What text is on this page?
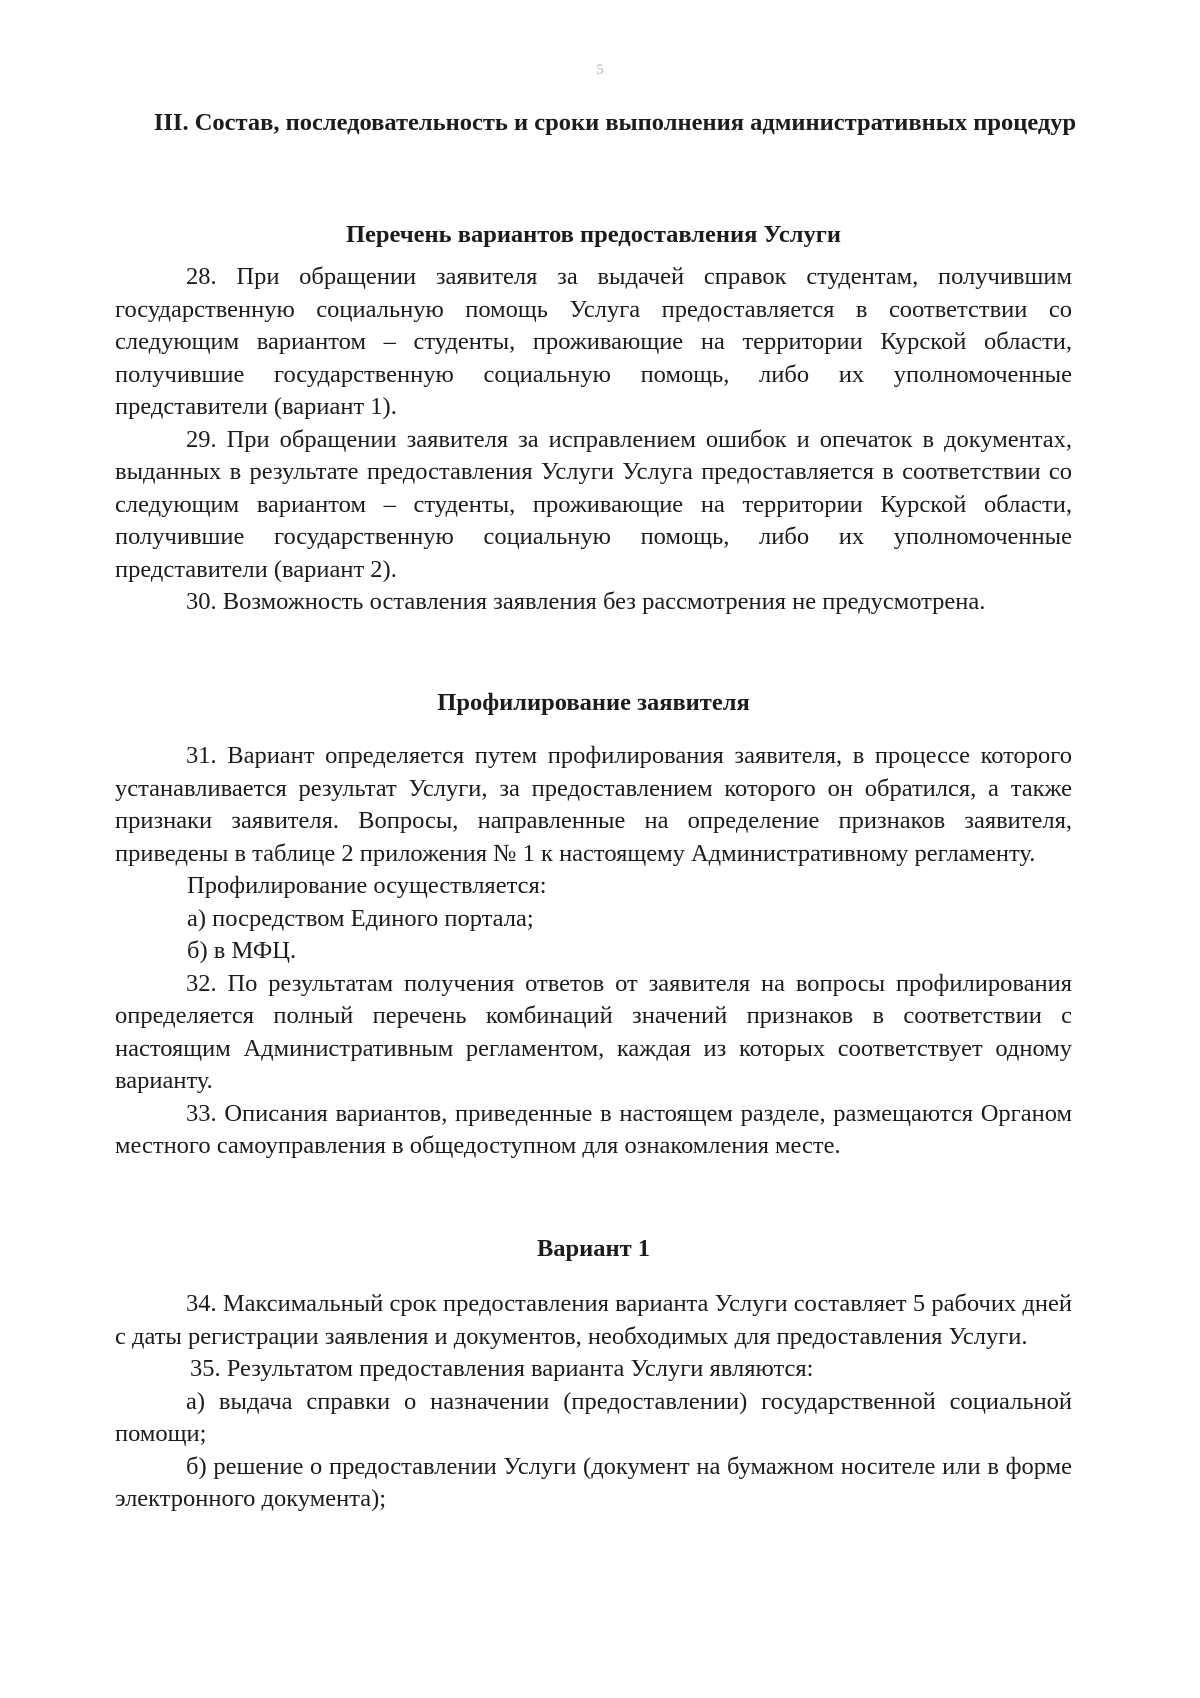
5
III. Состав, последовательность и сроки выполнения административных процедур
Перечень вариантов предоставления Услуги

28. При обращении заявителя за выдачей справок студентам, получившим государственную социальную помощь Услуга предоставляется в соответствии со следующим вариантом – студенты, проживающие на территории Курской области, получившие государственную социальную помощь, либо их уполномоченные представители (вариант 1).

29. При обращении заявителя за исправлением ошибок и опечаток в документах, выданных в результате предоставления Услуги Услуга предоставляется в соответствии со следующим вариантом – студенты, проживающие на территории Курской области, получившие государственную социальную помощь, либо их уполномоченные представители (вариант 2).

30. Возможность оставления заявления без рассмотрения не предусмотрена.

Профилирование заявителя

31. Вариант определяется путем профилирования заявителя, в процессе которого устанавливается результат Услуги, за предоставлением которого он обратился, а также признаки заявителя. Вопросы, направленные на определение признаков заявителя, приведены в таблице 2 приложения № 1 к настоящему Административному регламенту.

Профилирование осуществляется:

а) посредством Единого портала;

б) в МФЦ.

32. По результатам получения ответов от заявителя на вопросы профилирования определяется полный перечень комбинаций значений признаков в соответствии с настоящим Административным регламентом, каждая из которых соответствует одному варианту.

33. Описания вариантов, приведенные в настоящем разделе, размещаются Органом местного самоуправления в общедоступном для ознакомления месте.

Вариант 1

34. Максимальный срок предоставления варианта Услуги составляет 5 рабочих дней с даты регистрации заявления и документов, необходимых для предоставления Услуги.

35. Результатом предоставления варианта Услуги являются:

а) выдача справки о назначении (предоставлении) государственной социальной помощи;

б) решение о предоставлении Услуги (документ на бумажном носителе или в форме электронного документа);
